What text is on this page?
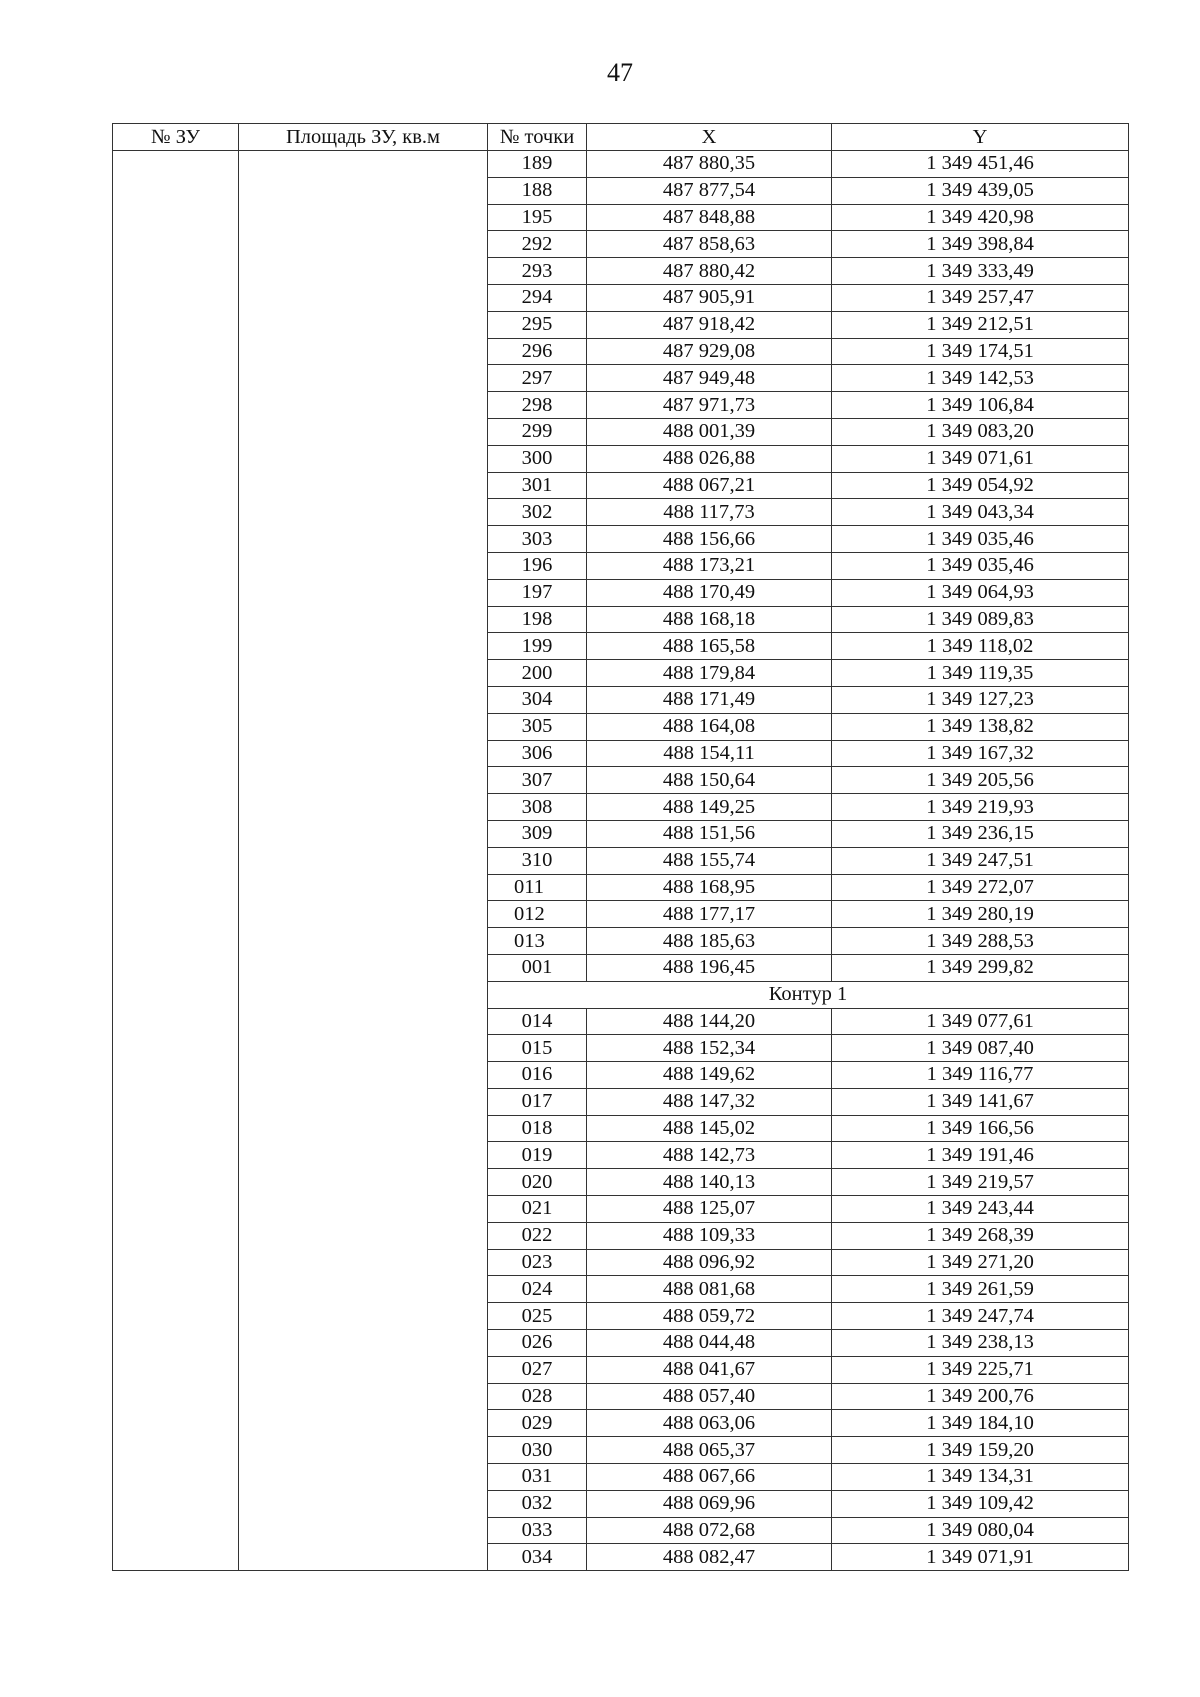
47
№ ЗУ	Площадь ЗУ, кв.м	№ точки	X	Y
		189	487 880,35	1 349 451,46
		188	487 877,54	1 349 439,05
		195	487 848,88	1 349 420,98
		292	487 858,63	1 349 398,84
		293	487 880,42	1 349 333,49
		294	487 905,91	1 349 257,47
		295	487 918,42	1 349 212,51
		296	487 929,08	1 349 174,51
		297	487 949,48	1 349 142,53
		298	487 971,73	1 349 106,84
		299	488 001,39	1 349 083,20
		300	488 026,88	1 349 071,61
		301	488 067,21	1 349 054,92
		302	488 117,73	1 349 043,34
		303	488 156,66	1 349 035,46
		196	488 173,21	1 349 035,46
		197	488 170,49	1 349 064,93
		198	488 168,18	1 349 089,83
		199	488 165,58	1 349 118,02
		200	488 179,84	1 349 119,35
		304	488 171,49	1 349 127,23
		305	488 164,08	1 349 138,82
		306	488 154,11	1 349 167,32
		307	488 150,64	1 349 205,56
		308	488 149,25	1 349 219,93
		309	488 151,56	1 349 236,15
		310	488 155,74	1 349 247,51
		011	488 168,95	1 349 272,07
		012	488 177,17	1 349 280,19
		013	488 185,63	1 349 288,53
		001	488 196,45	1 349 299,82
		Контур 1		
		014	488 144,20	1 349 077,61
		015	488 152,34	1 349 087,40
		016	488 149,62	1 349 116,77
		017	488 147,32	1 349 141,67
		018	488 145,02	1 349 166,56
		019	488 142,73	1 349 191,46
		020	488 140,13	1 349 219,57
		021	488 125,07	1 349 243,44
		022	488 109,33	1 349 268,39
		023	488 096,92	1 349 271,20
		024	488 081,68	1 349 261,59
		025	488 059,72	1 349 247,74
		026	488 044,48	1 349 238,13
		027	488 041,67	1 349 225,71
		028	488 057,40	1 349 200,76
		029	488 063,06	1 349 184,10
		030	488 065,37	1 349 159,20
		031	488 067,66	1 349 134,31
		032	488 069,96	1 349 109,42
		033	488 072,68	1 349 080,04
		034	488 082,47	1 349 071,91
